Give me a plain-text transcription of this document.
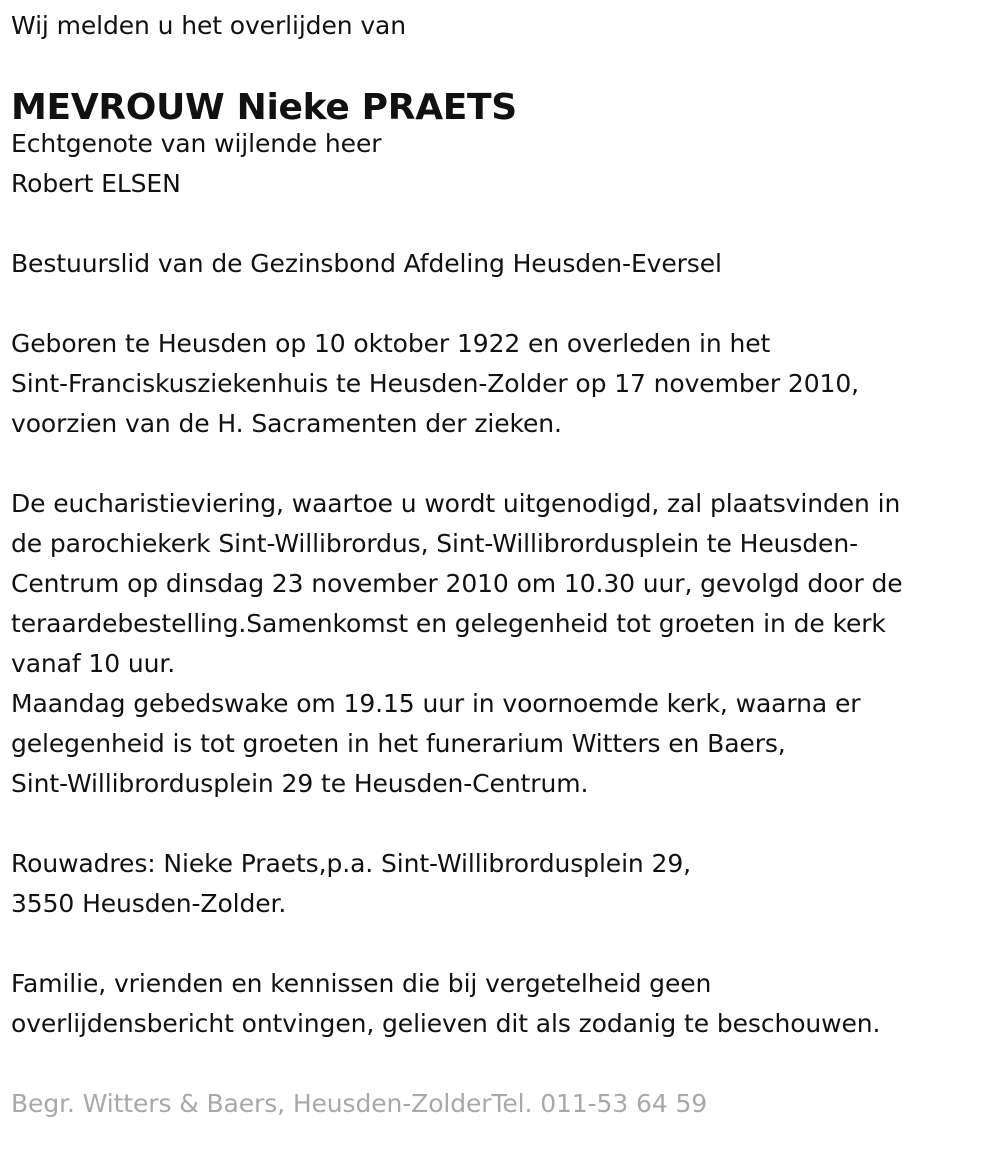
Wij melden u het overlijden van
MEVROUW Nieke PRAETS
Echtgenote van wijlende heer
Robert ELSEN
Bestuurslid van de Gezinsbond Afdeling Heusden-Eversel
Geboren te Heusden op 10 oktober 1922 en overleden in het
Sint-Franciskusziekenhuis te Heusden-Zolder op 17 november 2010,
voorzien van de H. Sacramenten der zieken.
De eucharistieviering, waartoe u wordt uitgenodigd, zal plaatsvinden in
de parochiekerk Sint-Willibrordus, Sint-Willibrordusplein te Heusden-
Centrum op dinsdag 23 november 2010 om 10.30 uur, gevolgd door de
teraardebestelling.Samenkomst en gelegenheid tot groeten in de kerk
vanaf 10 uur.
Maandag gebedswake om 19.15 uur in voornoemde kerk, waarna er
gelegenheid is tot groeten in het funerarium Witters en Baers,
Sint-Willibrordusplein 29 te Heusden-Centrum.
Rouwadres: Nieke Praets,p.a. Sint-Willibrordusplein 29,
3550 Heusden-Zolder.
Familie, vrienden en kennissen die bij vergetelheid geen
overlijdensbericht ontvingen, gelieven dit als zodanig te beschouwen.
Begr. Witters & Baers, Heusden-ZolderTel. 011-53 64 59
